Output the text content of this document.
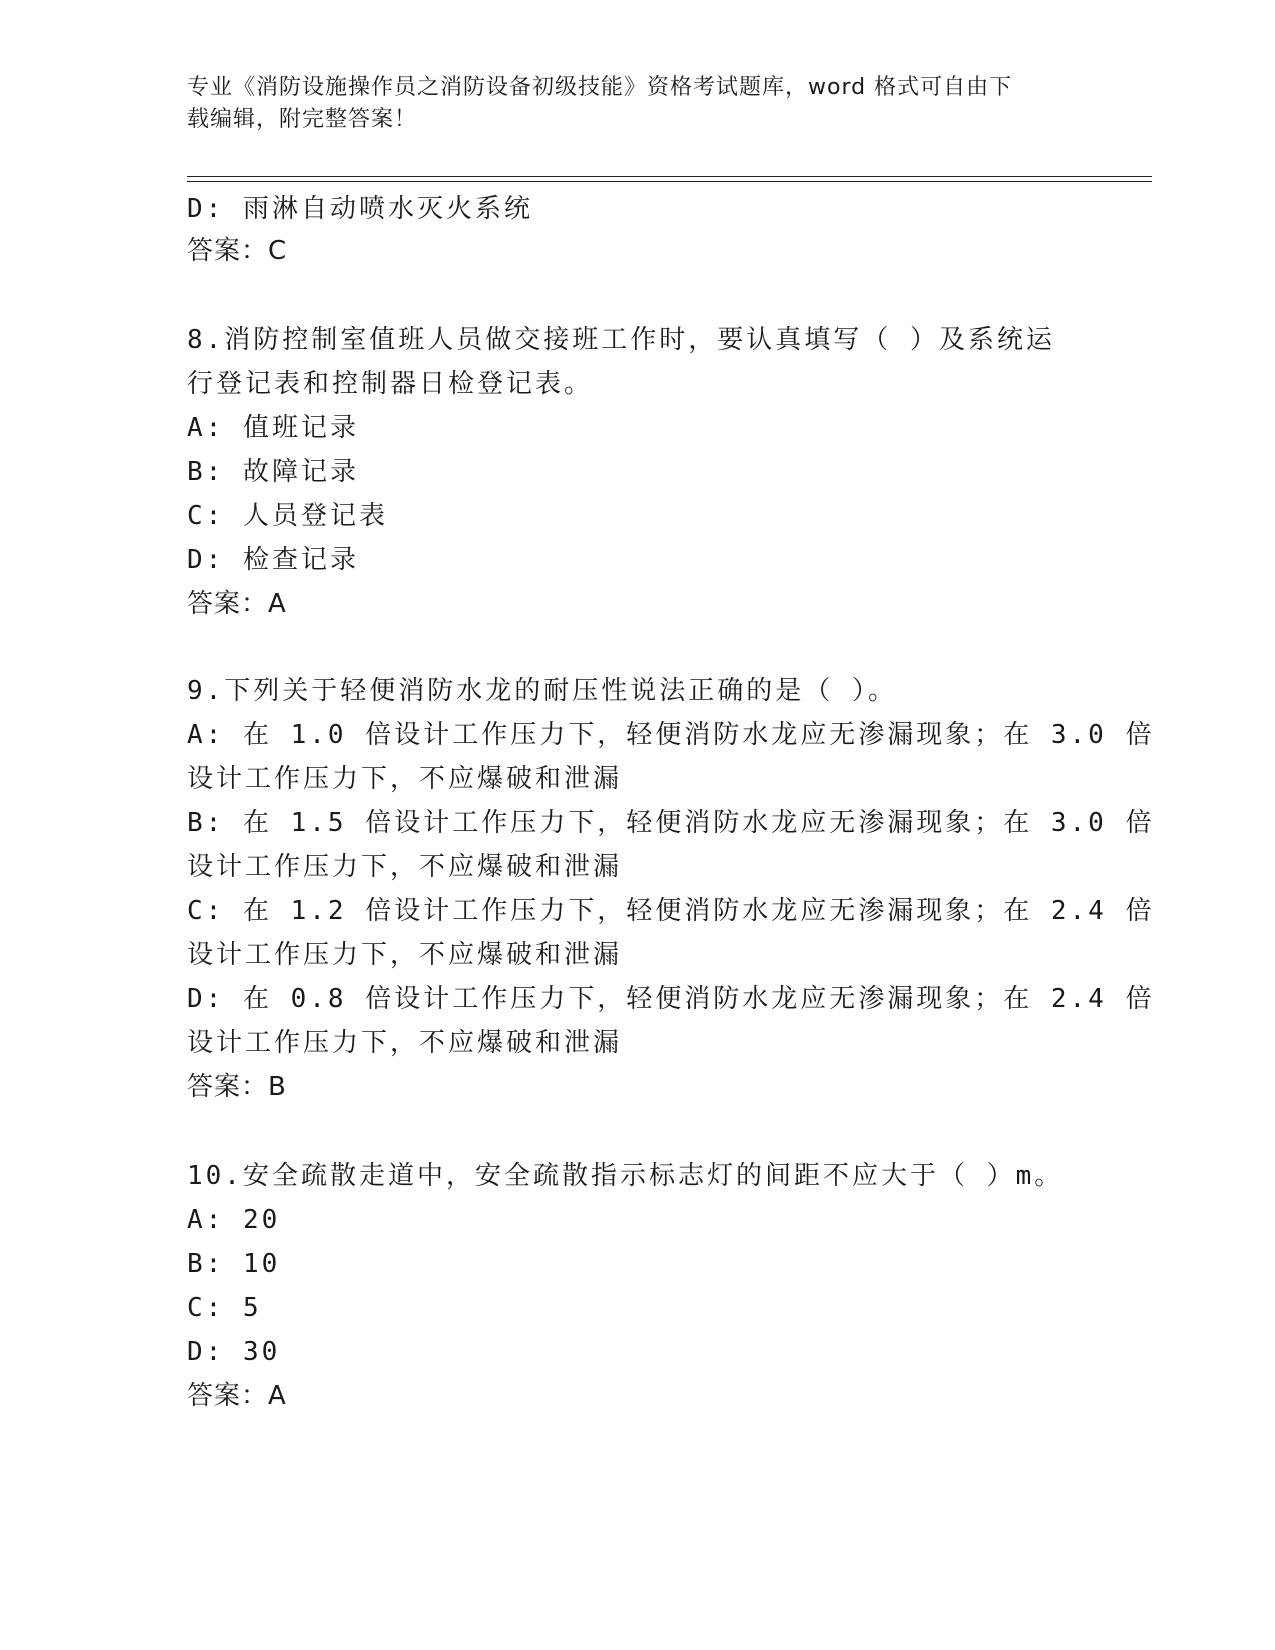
专业《消防设施操作员之消防设备初级技能》资格考试题库，word 格式可自由下
载编辑，附完整答案！
D: 雨淋自动喷水灭火系统
答案：C
8.消防控制室值班人员做交接班工作时，要认真填写（ ）及系统运
行登记表和控制器日检登记表。
A: 值班记录
B: 故障记录
C: 人员登记表
D: 检查记录
答案：A
9.下列关于轻便消防水龙的耐压性说法正确的是（ ）。
A: 在 1.0 倍设计工作压力下，轻便消防水龙应无渗漏现象；在 3.0 倍
设计工作压力下，不应爆破和泄漏
B: 在 1.5 倍设计工作压力下，轻便消防水龙应无渗漏现象；在 3.0 倍
设计工作压力下，不应爆破和泄漏
C: 在 1.2 倍设计工作压力下，轻便消防水龙应无渗漏现象；在 2.4 倍
设计工作压力下，不应爆破和泄漏
D: 在 0.8 倍设计工作压力下，轻便消防水龙应无渗漏现象；在 2.4 倍
设计工作压力下，不应爆破和泄漏
答案：B
10.安全疏散走道中，安全疏散指示标志灯的间距不应大于（ ）m。
A: 20
B: 10
C: 5
D: 30
答案：A
